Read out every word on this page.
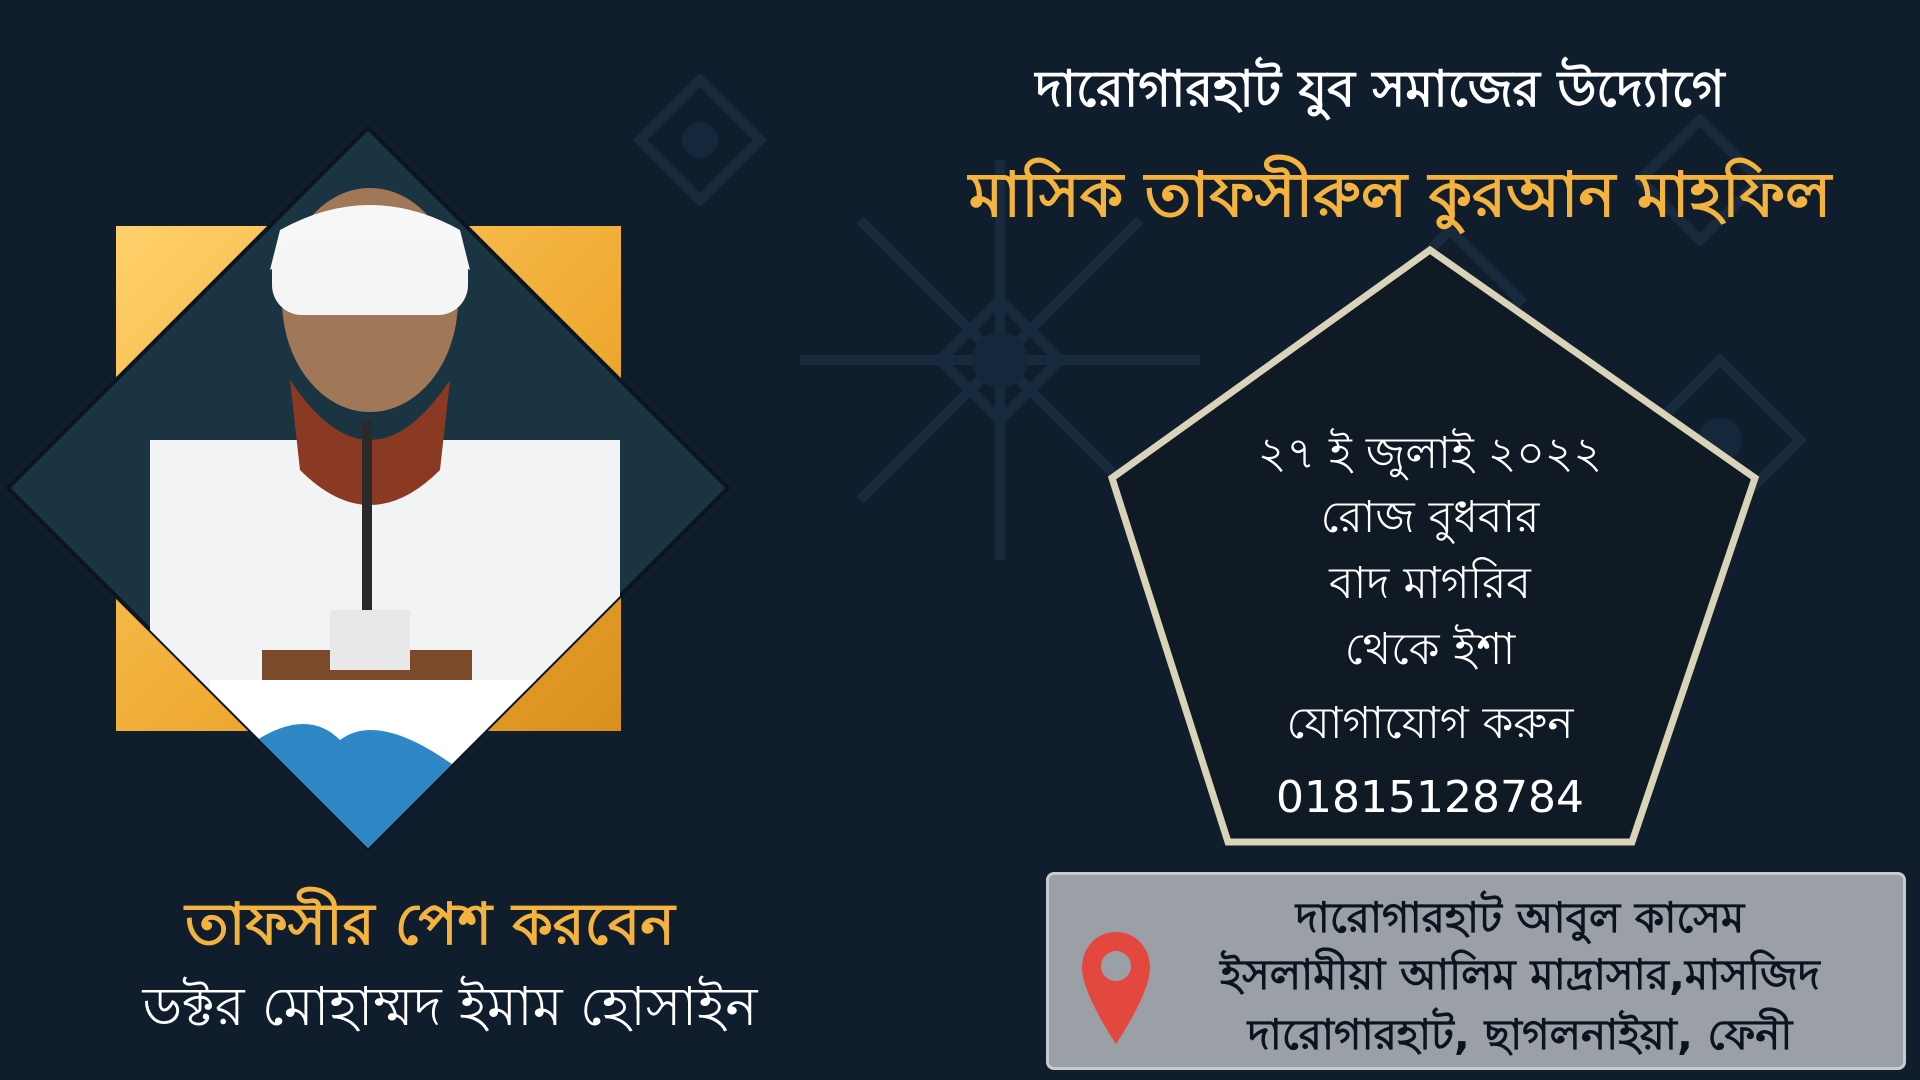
দারোগারহাট যুব সমাজের উদ্যোগে
মাসিক তাফসীরুল কুরআন মাহফিল
২৭ ই জুলাই ২০২২
রোজ বুধবার
বাদ মাগরিব
থেকে ইশা
যোগাযোগ করুন
01815128784
তাফসীর পেশ করবেন
ডক্টর মোহাম্মদ ইমাম হোসাইন
দারোগারহাট আবুল কাসেম
ইসলামীয়া আলিম মাদ্রাসার,মাসজিদ
দারোগারহাট, ছাগলনাইয়া, ফেনী
